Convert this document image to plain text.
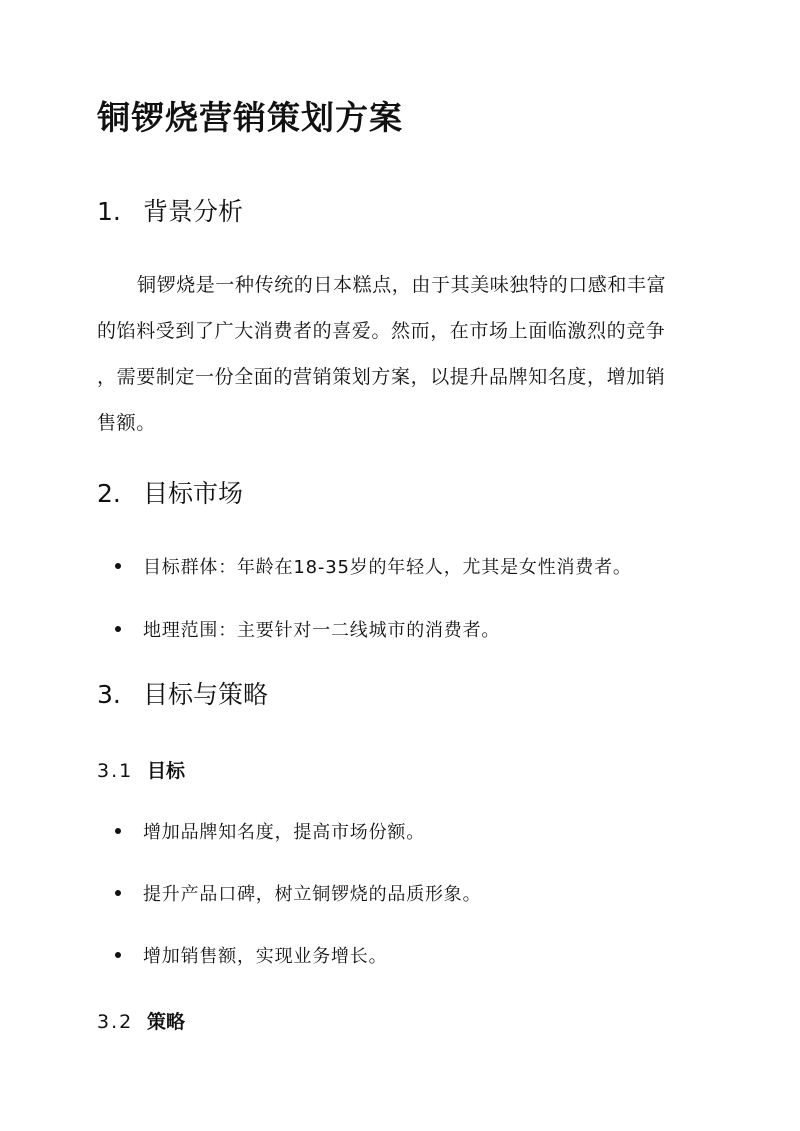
铜锣烧营销策划方案
1. 背景分析
铜锣烧是一种传统的日本糕点，由于其美味独特的口感和丰富
的馅料受到了广大消费者的喜爱。然而，在市场上面临激烈的竞争
，需要制定一份全面的营销策划方案，以提升品牌知名度，增加销
售额。
2. 目标市场

目标群体：年龄在18-35岁的年轻人，尤其是女性消费者。

地理范围：主要针对一二线城市的消费者。

3. 目标与策略
3.1 目标

增加品牌知名度，提高市场份额。

提升产品口碑，树立铜锣烧的品质形象。

增加销售额，实现业务增长。

3.2 策略
